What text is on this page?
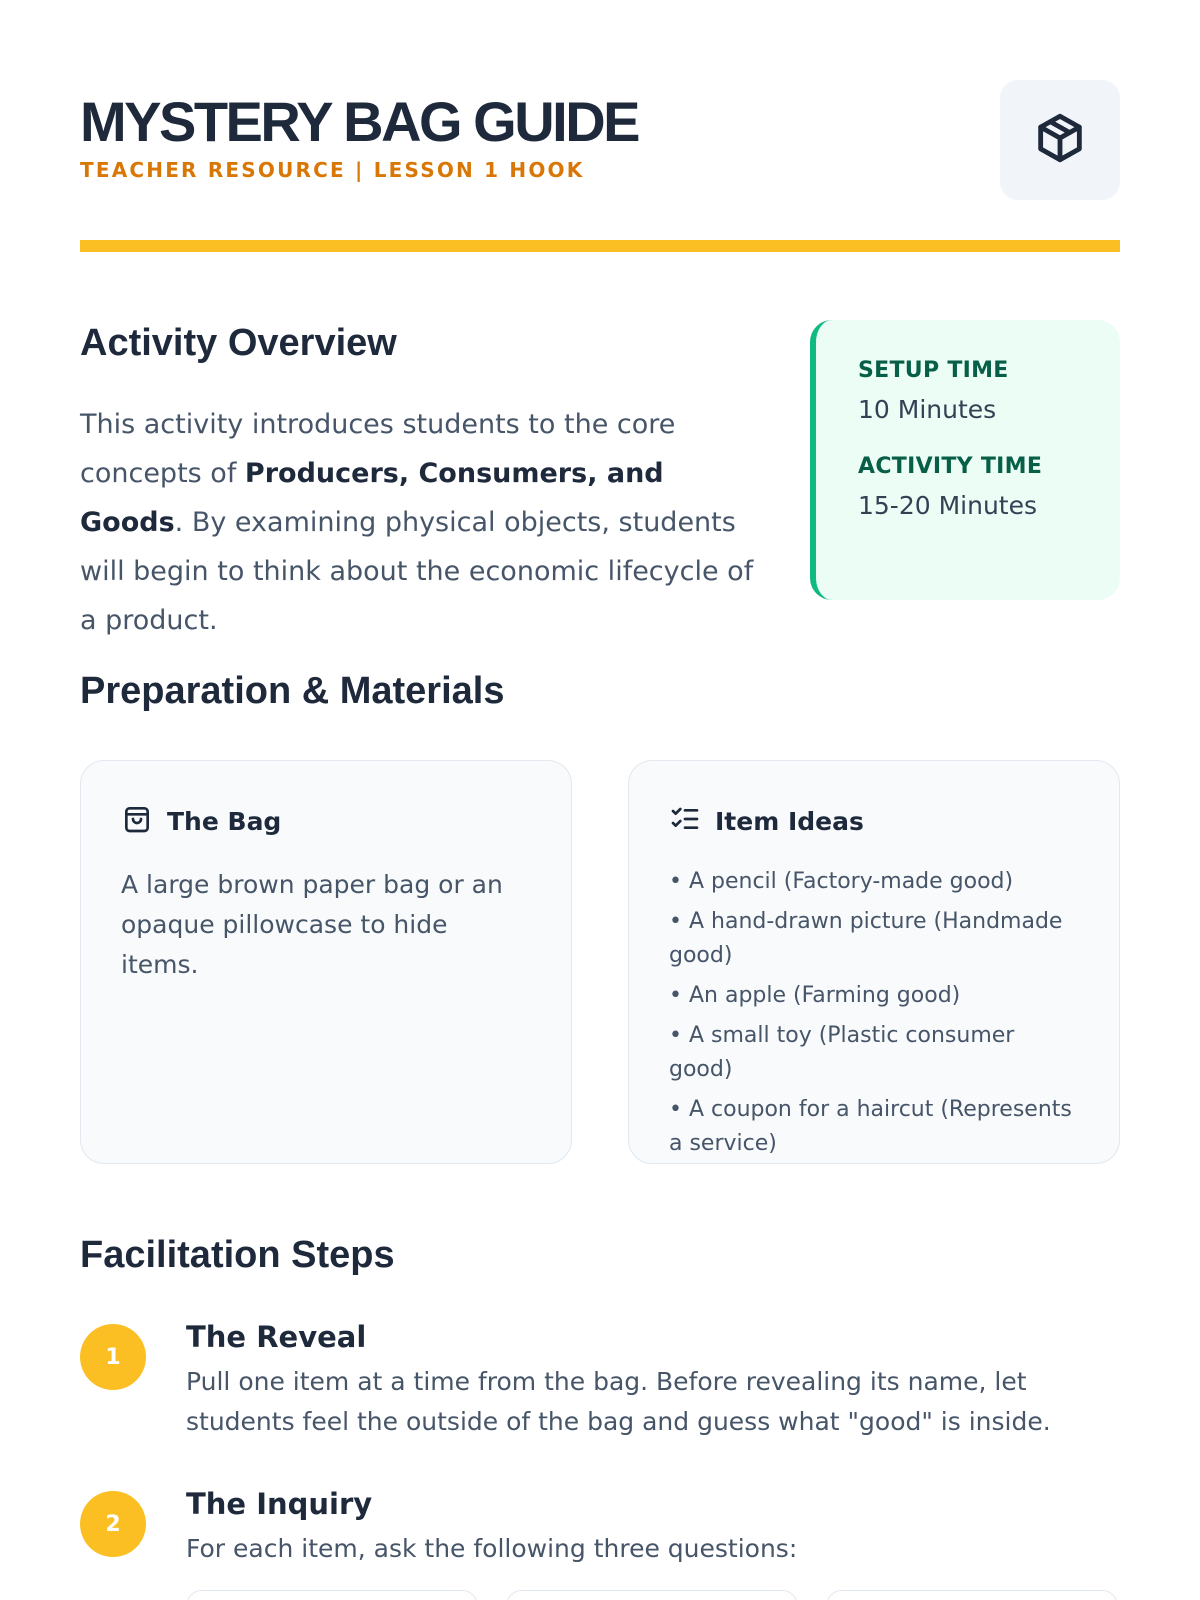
MYSTERY BAG GUIDE
TEACHER RESOURCE | LESSON 1 HOOK
Activity Overview

This activity introduces students to the core concepts of Producers, Consumers, and Goods. By examining physical objects, students will begin to think about the economic lifecycle of a product.

SETUP TIME
10 Minutes
ACTIVITY TIME
15-20 Minutes
Preparation & Materials
The Bag

A large brown paper bag or an opaque pillowcase to hide items.

Item Ideas
• A pencil (Factory-made good)
• A hand-drawn picture (Handmade good)
• An apple (Farming good)
• A small toy (Plastic consumer good)
• A coupon for a haircut (Represents a service)
Facilitation Steps
1
The Reveal
Pull one item at a time from the bag. Before revealing its name, let students feel the outside of the bag and guess what "good" is inside.
2
The Inquiry
For each item, ask the following three questions:
